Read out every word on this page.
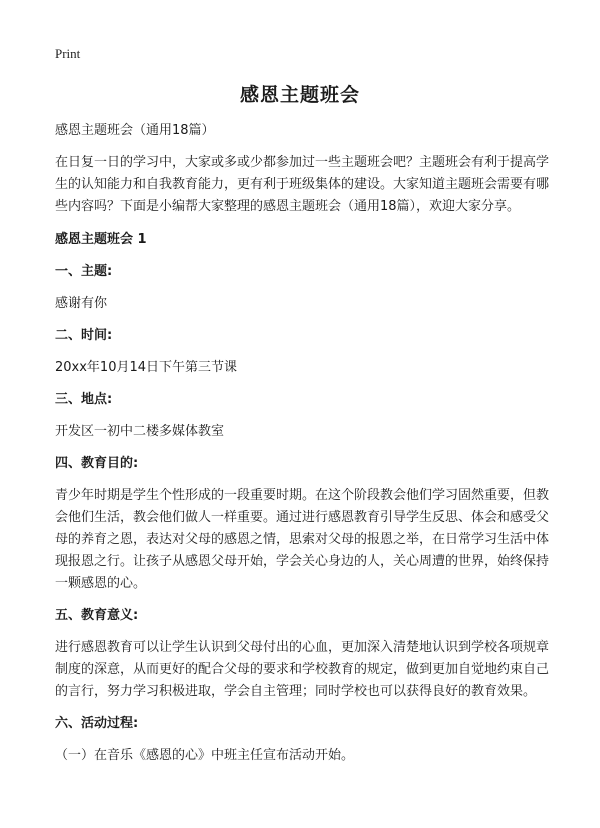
Print
感恩主题班会

感恩主题班会（通用18篇）

在日复一日的学习中，大家或多或少都参加过一些主题班会吧？主题班会有利于提高学生的认知能力和自我教育能力，更有利于班级集体的建设。大家知道主题班会需要有哪些内容吗？下面是小编帮大家整理的感恩主题班会（通用18篇），欢迎大家分享。

感恩主题班会 1

一、主题:

感谢有你

二、时间:

20xx年10月14日下午第三节课

三、地点:

开发区一初中二楼多媒体教室

四、教育目的:

青少年时期是学生个性形成的一段重要时期。在这个阶段教会他们学习固然重要，但教会他们生活，教会他们做人一样重要。通过进行感恩教育引导学生反思、体会和感受父母的养育之恩，表达对父母的感恩之情，思索对父母的报恩之举，在日常学习生活中体现报恩之行。让孩子从感恩父母开始，学会关心身边的人，关心周遭的世界，始终保持一颗感恩的心。

五、教育意义:

进行感恩教育可以让学生认识到父母付出的心血，更加深入清楚地认识到学校各项规章制度的深意，从而更好的配合父母的要求和学校教育的规定，做到更加自觉地约束自己的言行，努力学习积极进取，学会自主管理；同时学校也可以获得良好的教育效果。

六、活动过程:

（一）在音乐《感恩的心》中班主任宣布活动开始。
